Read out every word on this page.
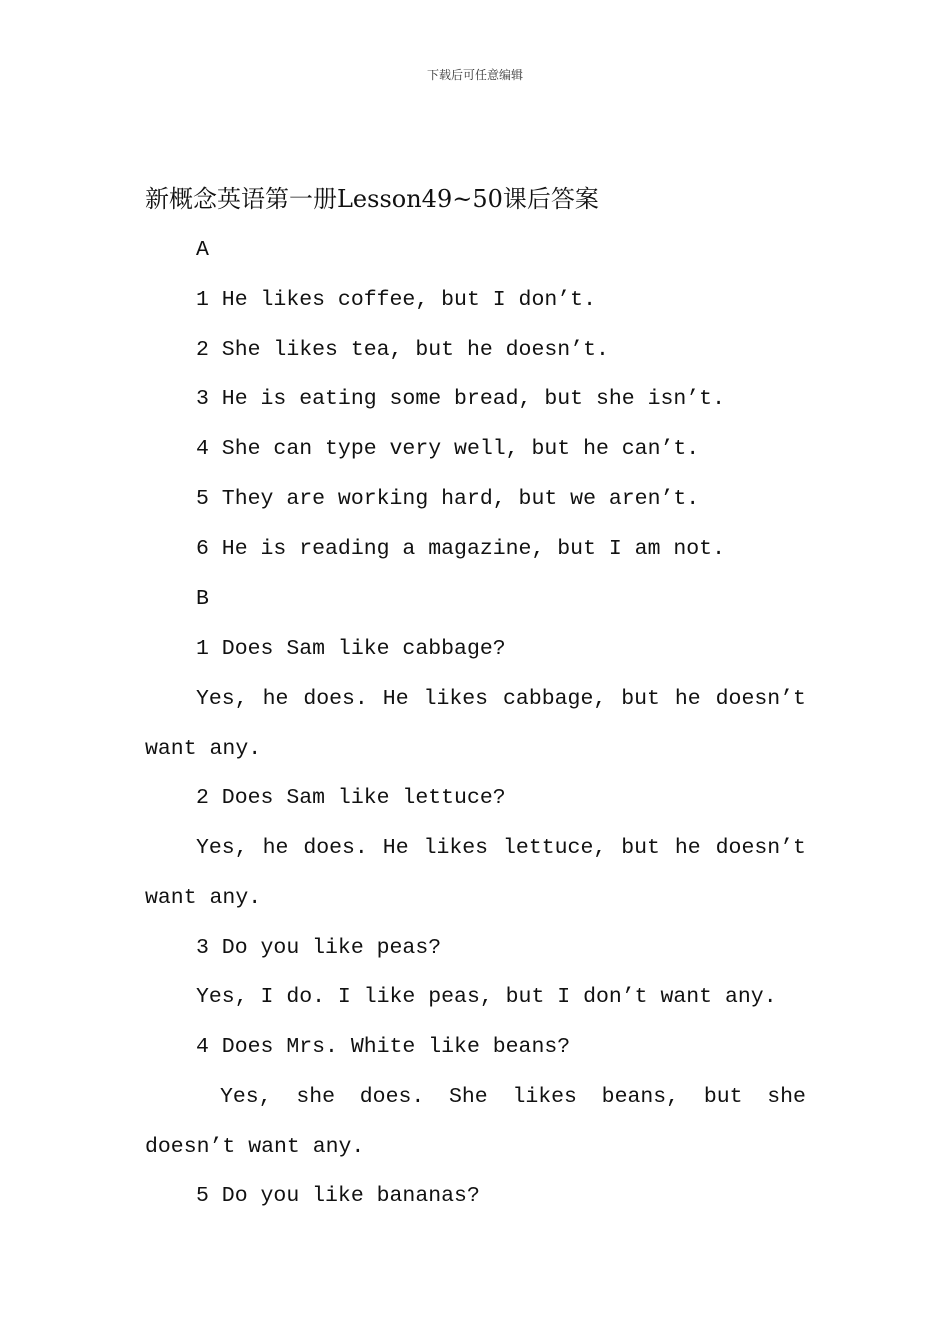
下载后可任意编辑
新概念英语第一册Lesson49~50课后答案
A
1 He likes coffee, but I don’t.
2 She likes tea, but he doesn’t.
3 He is eating some bread, but she isn’t.
4 She can type very well, but he can’t.
5 They are working hard, but we aren’t.
6 He is reading a magazine, but I am not.
B
1 Does Sam like cabbage?
Yes, he does. He likes cabbage, but he doesn’t
want any.
2 Does Sam like lettuce?
Yes, he does. He likes lettuce, but he doesn’t
want any.
3 Do you like peas?
Yes, I do. I like peas, but I don’t want any.
4 Does Mrs. White like beans?
Yes, she does. She likes beans, but she
doesn’t want any.
5 Do you like bananas?
